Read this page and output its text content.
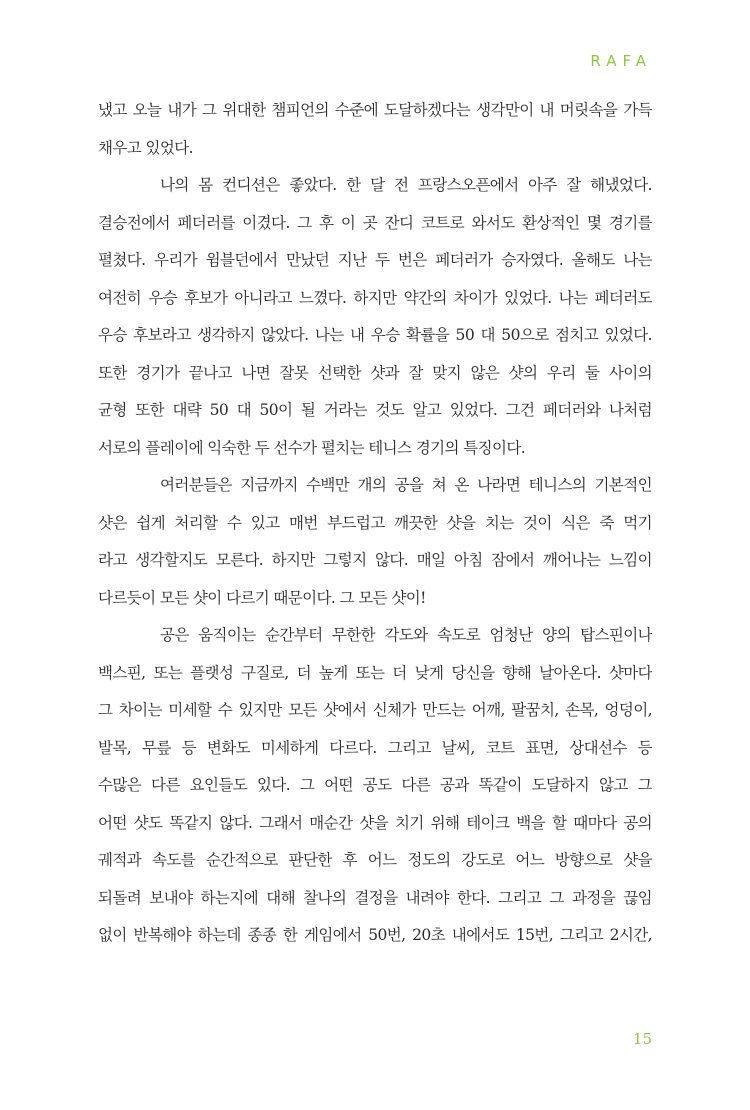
RAFA
냈고 오늘 내가 그 위대한 챔피언의 수준에 도달하겠다는 생각만이 내 머릿속을 가득
채우고 있었다.
나의 몸 컨디션은 좋았다. 한 달 전 프랑스오픈에서 아주 잘 해냈었다.
결승전에서 페더러를 이겼다. 그 후 이 곳 잔디 코트로 와서도 환상적인 몇 경기를
펼쳤다. 우리가 윔블던에서 만났던 지난 두 번은 페더러가 승자였다. 올해도 나는
여전히 우승 후보가 아니라고 느꼈다. 하지만 약간의 차이가 있었다. 나는 페더러도
우승 후보라고 생각하지 않았다. 나는 내 우승 확률을 50 대 50으로 점치고 있었다.
또한 경기가 끝나고 나면 잘못 선택한 샷과 잘 맞지 않은 샷의 우리 둘 사이의
균형 또한 대략 50 대 50이 될 거라는 것도 알고 있었다. 그건 페더러와 나처럼
서로의 플레이에 익숙한 두 선수가 펼치는 테니스 경기의 특징이다.
여러분들은 지금까지 수백만 개의 공을 쳐 온 나라면 테니스의 기본적인
샷은 쉽게 처리할 수 있고 매번 부드럽고 깨끗한 샷을 치는 것이 식은 죽 먹기
라고 생각할지도 모른다. 하지만 그렇지 않다. 매일 아침 잠에서 깨어나는 느낌이
다르듯이 모든 샷이 다르기 때문이다. 그 모든 샷이!
공은 움직이는 순간부터 무한한 각도와 속도로 엄청난 양의 탑스핀이나
백스핀, 또는 플랫성 구질로, 더 높게 또는 더 낮게 당신을 향해 날아온다. 샷마다
그 차이는 미세할 수 있지만 모든 샷에서 신체가 만드는 어깨, 팔꿈치, 손목, 엉덩이,
발목, 무릎 등 변화도 미세하게 다르다. 그리고 날씨, 코트 표면, 상대선수 등
수많은 다른 요인들도 있다. 그 어떤 공도 다른 공과 똑같이 도달하지 않고 그
어떤 샷도 똑같지 않다. 그래서 매순간 샷을 치기 위해 테이크 백을 할 때마다 공의
궤적과 속도를 순간적으로 판단한 후 어느 정도의 강도로 어느 방향으로 샷을
되돌려 보내야 하는지에 대해 찰나의 결정을 내려야 한다. 그리고 그 과정을 끊임
없이 반복해야 하는데 종종 한 게임에서 50번, 20초 내에서도 15번, 그리고 2시간,
15
